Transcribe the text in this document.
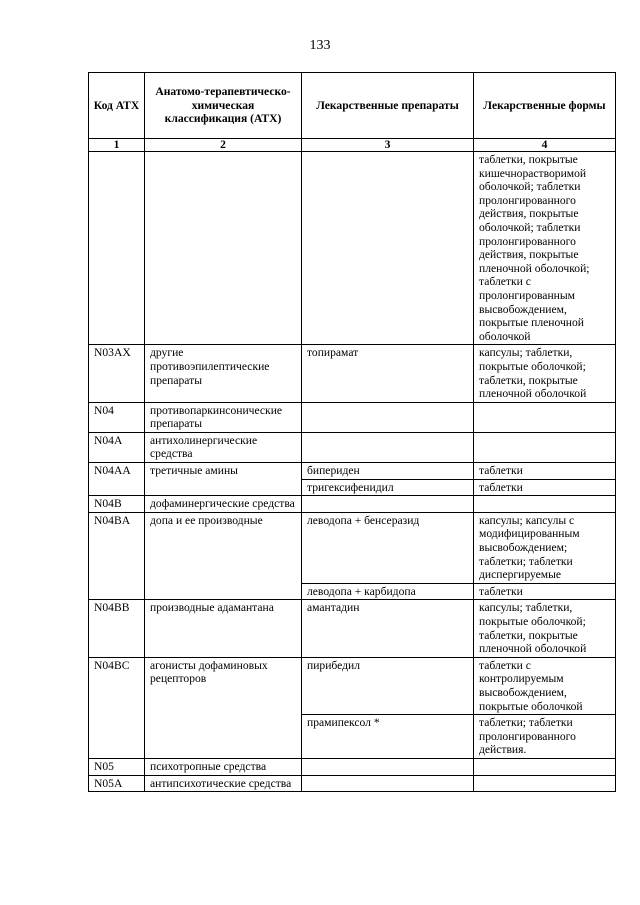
133
Код АТХ	Анатомо-терапевтическо-химическая классификация (АТХ)	Лекарственные препараты	Лекарственные формы
1	2	3	4
			таблетки, покрытые кишечнорастворимой оболочкой; таблетки пролонгированного действия, покрытые оболочкой; таблетки пролонгированного действия, покрытые пленочной оболочкой; таблетки с пролонгированным высвобождением, покрытые пленочной оболочкой
N03AX	другие противоэпилептические препараты	топирамат	капсулы; таблетки, покрытые оболочкой; таблетки, покрытые пленочной оболочкой
N04	противопаркинсонические препараты		
N04A	антихолинергические средства		
N04AA	третичные амины	бипериден	таблетки
		тригексифенидил	таблетки
N04B	дофаминергические средства		
N04BA	допа и ее производные	леводопа + бенсеразид	капсулы; капсулы с модифицированным высвобождением; таблетки; таблетки диспергируемые
		леводопа + карбидопа	таблетки
N04BB	производные адамантана	амантадин	капсулы; таблетки, покрытые оболочкой; таблетки, покрытые пленочной оболочкой
N04BC	агонисты дофаминовых рецепторов	пирибедил	таблетки с контролируемым высвобождением, покрытые оболочкой
		прамипексол *	таблетки; таблетки пролонгированного действия.
N05	психотропные средства		
N05A	антипсихотические средства		
